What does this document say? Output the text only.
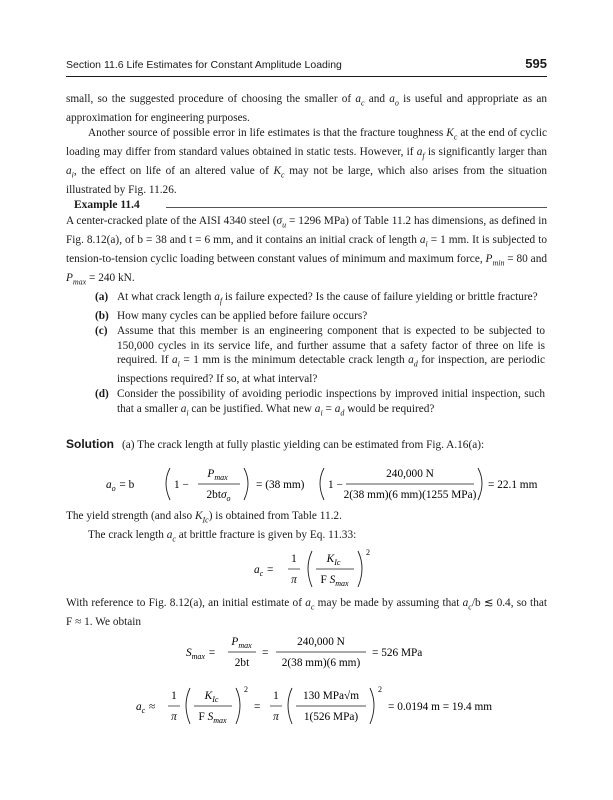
Section 11.6 Life Estimates for Constant Amplitude Loading	595

small, so the suggested procedure of choosing the smaller of $a_c$ and $a_o$ is useful and appropriate as an approximation for engineering purposes.

Another source of possible error in life estimates is that the fracture toughness $K_c$ at the end of cyclic loading may differ from standard values obtained in static tests. However, if $a_f$ is significantly larger than $a_i$, the effect on life of an altered value of $K_c$ may not be large, which also arises from the situation illustrated by Fig. 11.26.

Example 11.4
A center-cracked plate of the AISI 4340 steel ($\sigma_u = 1296$ MPa) of Table 11.2 has dimensions, as defined in Fig. 8.12(a), of b = 38 and t = 6 mm, and it contains an initial crack of length $a_i = 1$ mm. It is subjected to tension-to-tension cyclic loading between constant values of minimum and maximum force, $P_{min} = 80$ and $P_{max} = 240$ kN.
(a) At what crack length $a_f$ is failure expected? Is the cause of failure yielding or brittle fracture?
(b) How many cycles can be applied before failure occurs?
(c) Assume that this member is an engineering component that is expected to be subjected to 150,000 cycles in its service life, and further assume that a safety factor of three on life is required. If $a_i = 1$ mm is the minimum detectable crack length $a_d$ for inspection, are periodic inspections required? If so, at what interval?
(d) Consider the possibility of avoiding periodic inspections by improved initial inspection, such that a smaller $a_i$ can be justified. What new $a_i = a_d$ would be required?
Solution (a) The crack length at fully plastic yielding can be estimated from Fig. A.16(a):
$a_o$  = b	1 −
$P_{max}$ 
2btσ$_o$ 
= (38 mm) 1 −
240,000 N
2(38 mm)(6 mm)(1255 MPa)
= 22.1 mm

The yield strength (and also $K_{Ic}$) is obtained from Table 11.2.

The crack length $a_c$ at brittle fracture is given by Eq. 11.33:

$a_c$  =
1
π
$K_{Ic}$ 
F $S_{max}$ 
2
With reference to Fig. 8.12(a), an initial estimate of $a_c$ may be made by assuming that $a_c/b$ ≲ 0.4, so that F ≈ 1. We obtain
$S_{max}$  =
$P_{max}$ 
2bt
=
240,000 N
2(38 mm)(6 mm)
= 526 MPa
$a_c$  ≈
1
π
$K_{Ic}$ 
F $S_{max}$ 
2
=
1
π
130 MPa√m
1(526 MPa)
2
= 0.0194 m = 19.4 mm
